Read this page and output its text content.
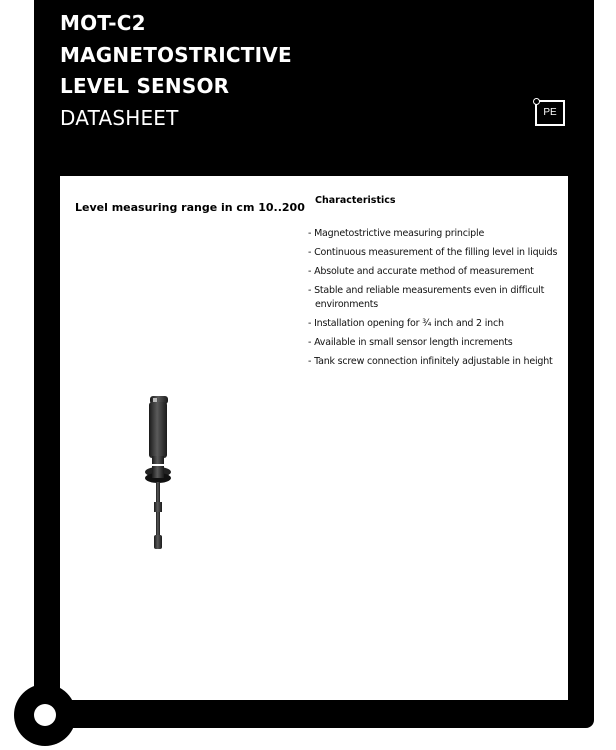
MOT-C2
MAGNETOSTRICTIVE
LEVEL SENSOR
DATASHEET	PE
Level measuring range in cm 10..200
Characteristics
- Magnetostrictive measuring principle
- Continuous measurement of the filling level in liquids
- Absolute and accurate method of measurement
- Stable and reliable measurements even in difficult environments
- Installation opening for ¾ inch and 2 inch
- Available in small sensor length increments
- Tank screw connection infinitely adjustable in height
